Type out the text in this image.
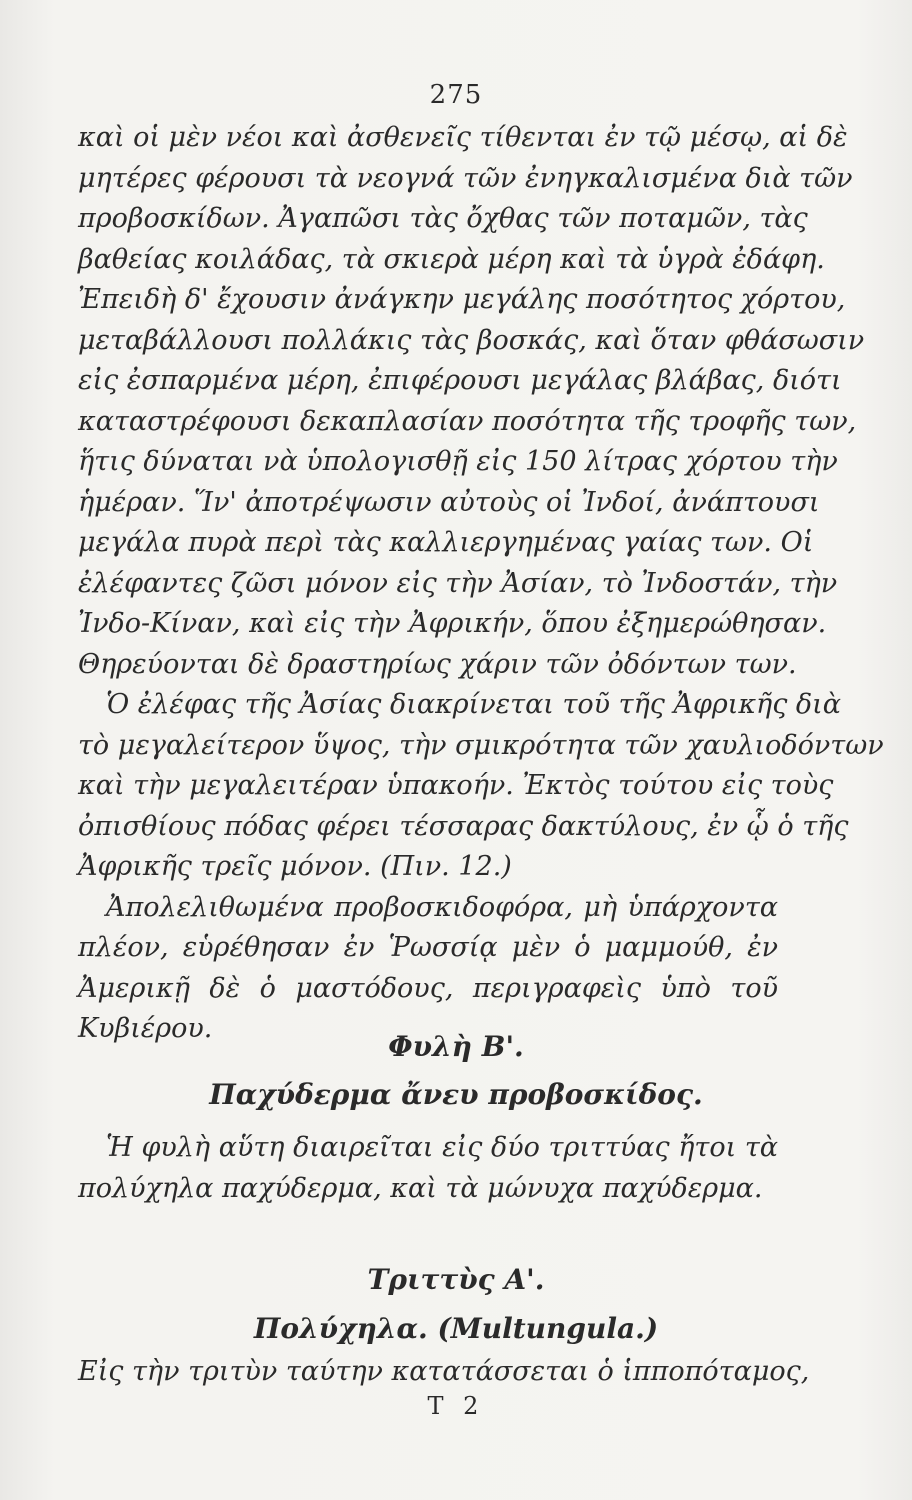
275

καὶ οἱ μὲν νέοι καὶ ἀσθενεῖς τίθενται ἐν τῷ μέσῳ, αἱ δὲ
μητέρες φέρουσι τὰ νεογνά τῶν ἐνηγκαλισμένα διὰ τῶν
προβοσκίδων. Ἀγαπῶσι τὰς ὄχθας τῶν ποταμῶν, τὰς
βαθείας κοιλάδας, τὰ σκιερὰ μέρη καὶ τὰ ὑγρὰ ἐδάφη.
Ἐπειδὴ δ' ἔχουσιν ἀνάγκην μεγάλης ποσότητος χόρτου,
μεταβάλλουσι πολλάκις τὰς βοσκάς, καὶ ὅταν φθάσωσιν
εἰς ἐσπαρμένα μέρη, ἐπιφέρουσι μεγάλας βλάβας, διότι
καταστρέφουσι δεκαπλασίαν ποσότητα τῆς τροφῆς των,
ἥτις δύναται νὰ ὑπολογισθῇ εἰς 150 λίτρας χόρτου τὴν
ἡμέραν. Ἵν' ἀποτρέψωσιν αὐτοὺς οἱ Ἰνδοί, ἀνάπτουσι
μεγάλα πυρὰ περὶ τὰς καλλιεργημένας γαίας των. Οἱ
ἐλέφαντες ζῶσι μόνον εἰς τὴν Ἀσίαν, τὸ Ἰνδοστάν, τὴν
Ἰνδο-Κίναν, καὶ εἰς τὴν Ἀφρικήν, ὅπου ἐξημερώθησαν.
Θηρεύονται δὲ δραστηρίως χάριν τῶν ὀδόντων των.

Ὁ ἐλέφας τῆς Ἀσίας διακρίνεται τοῦ τῆς Ἀφρικῆς διὰ
τὸ μεγαλείτερον ὕψος, τὴν σμικρότητα τῶν χαυλιοδόντων
καὶ τὴν μεγαλειτέραν ὑπακοήν. Ἐκτὸς τούτου εἰς τοὺς
ὀπισθίους πόδας φέρει τέσσαρας δακτύλους, ἐν ᾧ ὁ τῆς
Ἀφρικῆς τρεῖς μόνον. (Πιν. 12.)

Ἀπολελιθωμένα προβοσκιδοφόρα, μὴ ὑπάρχοντα
πλέον, εὑρέθησαν ἐν Ῥωσσίᾳ μὲν ὁ μαμμούθ, ἐν
Ἀμερικῇ δὲ ὁ μαστόδους, περιγραφεὶς ὑπὸ τοῦ
Κυβιέρου.

Φυλὴ Β'.
Παχύδερμα ἄνευ προβοσκίδος.

Ἡ φυλὴ αὕτη διαιρεῖται εἰς δύο τριττύας ἤτοι τὰ
πολύχηλα παχύδερμα, καὶ τὰ μώνυχα παχύδερμα.

Τριττὺς Α'.
Πολύχηλα. (Multungula.)

Εἰς τὴν τριτὺν ταύτην κατατάσσεται ὁ ἱπποπόταμος,

T 2
